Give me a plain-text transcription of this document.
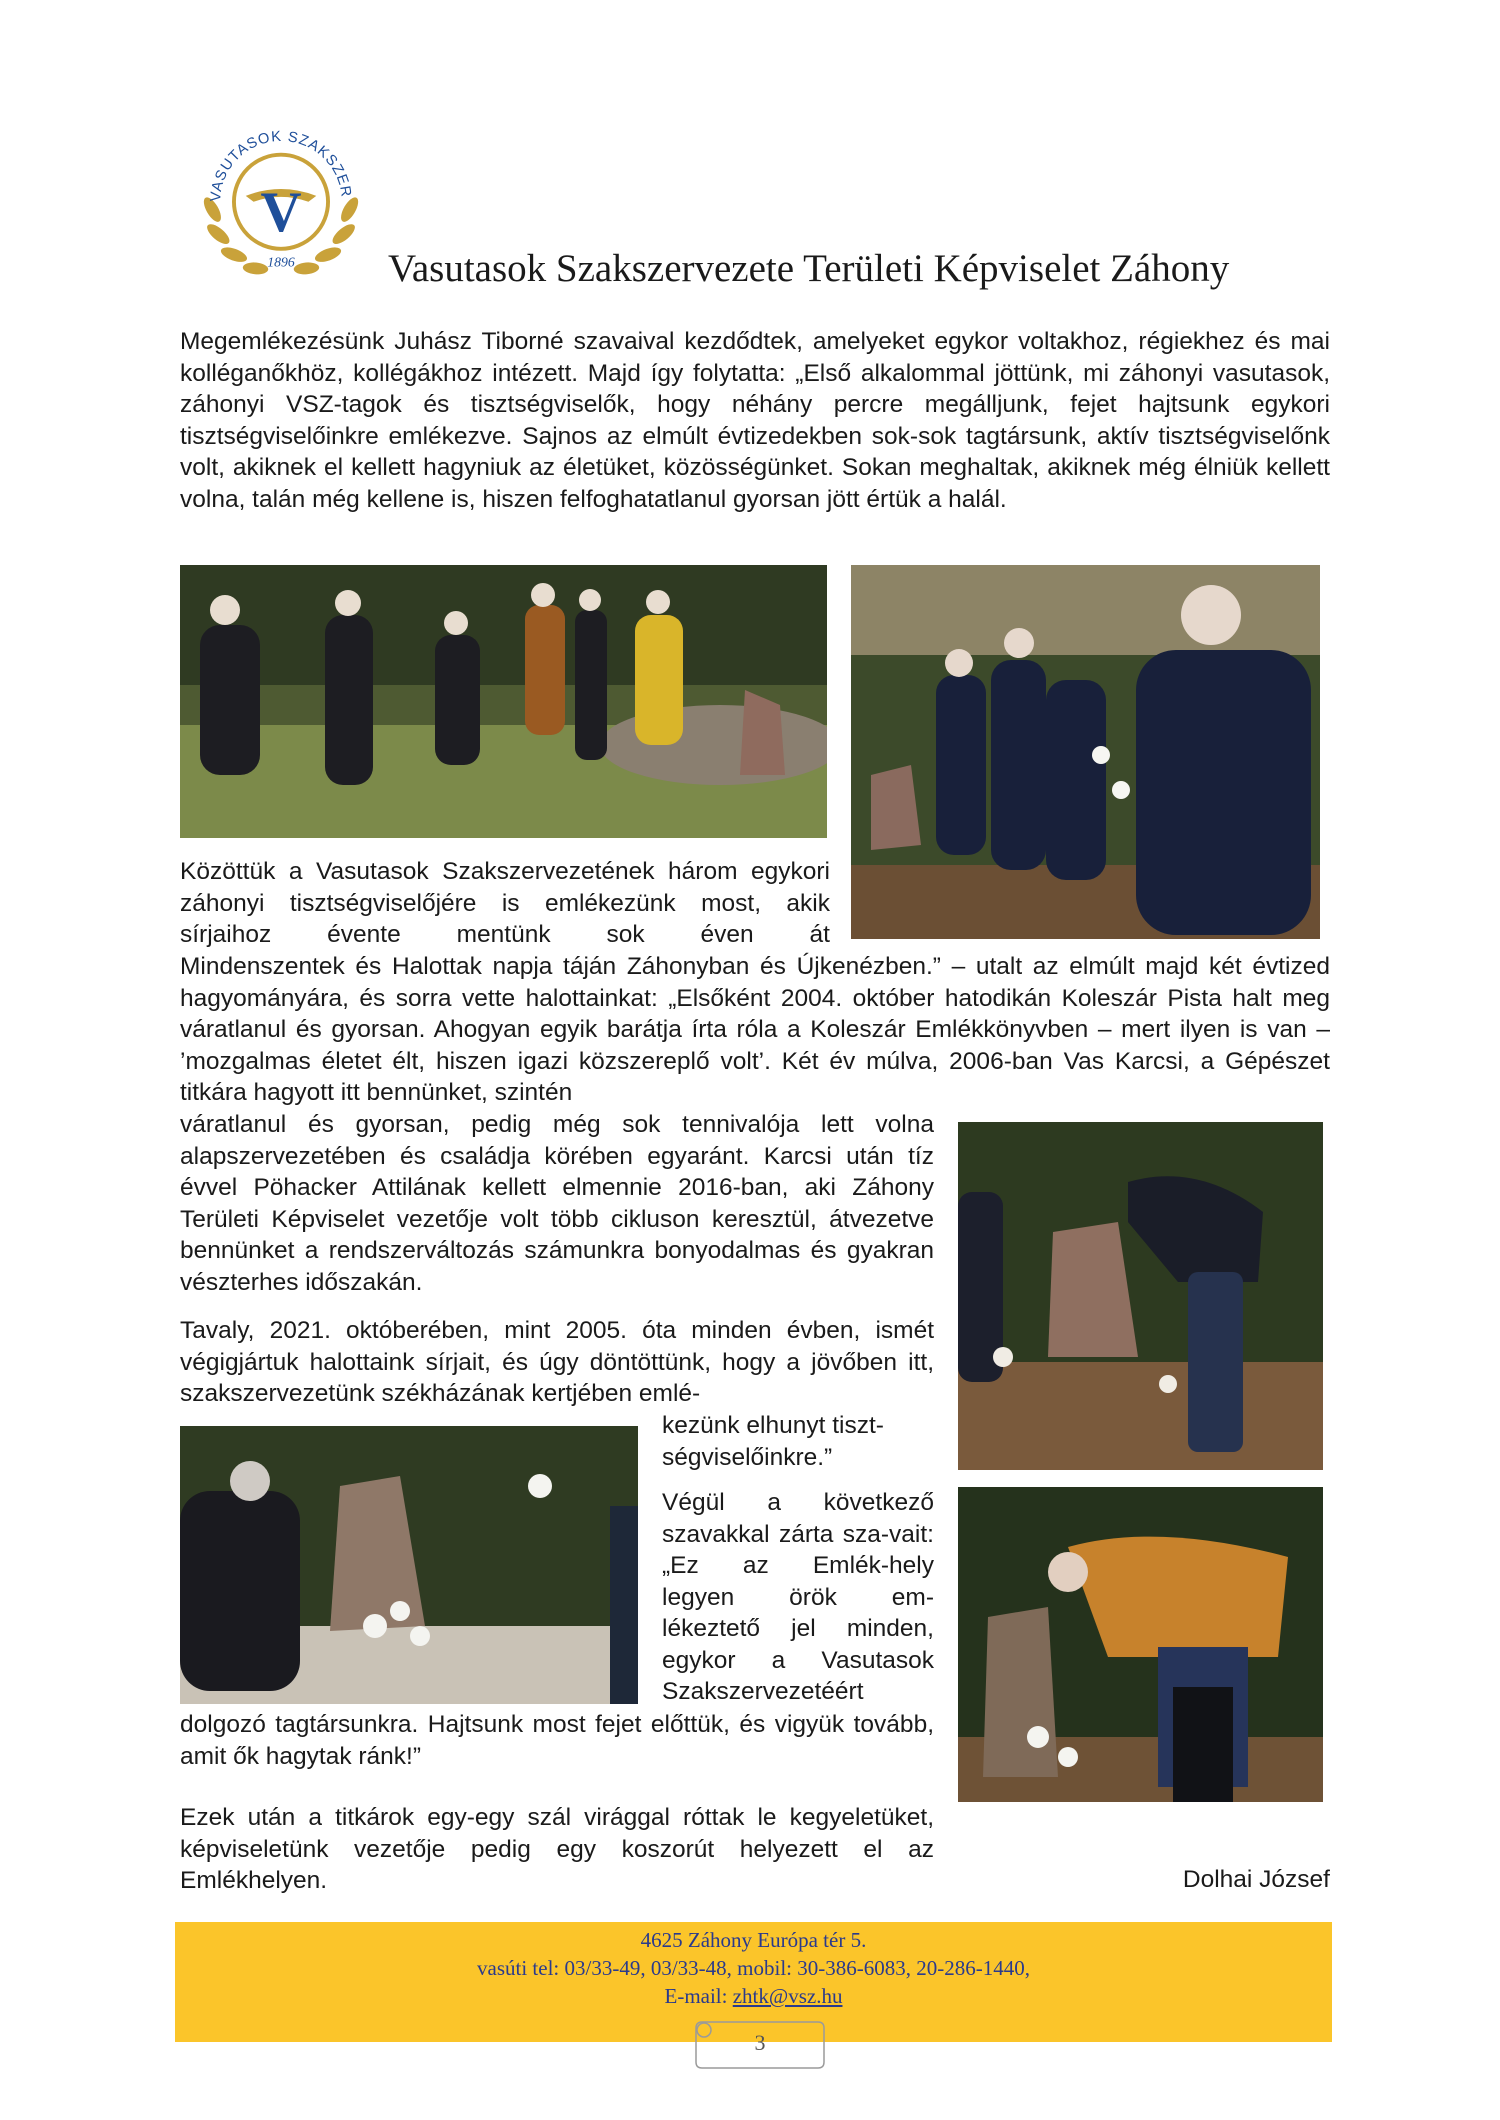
VASUTASOK SZAKSZER
V
1896 Vasutasok Szakszervezete Területi Képviselet Záhony

Megemlékezésünk Juhász Tiborné szavaival kezdődtek, amelyeket egykor voltakhoz, régiekhez és mai kolléganőkhöz, kollégákhoz intézett. Majd így folytatta: „Első alkalommal jöttünk, mi záhonyi vasutasok, záhonyi VSZ-tagok és tisztségviselők, hogy néhány percre megálljunk, fejet hajtsunk egykori tisztségviselőinkre emlékezve. Sajnos az elmúlt évtizedekben sok-sok tagtársunk, aktív tisztségviselőnk volt, akiknek el kellett hagyniuk az életüket, közösségünket. Sokan meghaltak, akiknek még élniük kellett volna, talán még kellene is, hiszen felfoghatatlanul gyorsan jött értük a halál.

Közöttük a Vasutasok Szakszervezetének három egykori záhonyi tisztségviselőjére is emlékezünk most, akik sírjaihoz évente mentünk sok éven át

Mindenszentek és Halottak napja táján Záhonyban és Újkenézben.” – utalt az elmúlt majd két évtized hagyományára, és sorra vette halottainkat: „Elsőként 2004. október hatodikán Koleszár Pista halt meg váratlanul és gyorsan. Ahogyan egyik barátja írta róla a Koleszár Emlékkönyvben – mert ilyen is van – ’mozgalmas életet élt, hiszen igazi közszereplő volt’. Két év múlva, 2006-ban Vas Karcsi, a Gépészet titkára hagyott itt bennünket, szintén

váratlanul és gyorsan, pedig még sok tennivalója lett volna alapszervezetében és családja körében egyaránt. Karcsi után tíz évvel Pöhacker Attilának kellett elmennie 2016-ban, aki Záhony Területi Képviselet vezetője volt több cikluson keresztül, átvezetve bennünket a rendszerváltozás számunkra bonyodalmas és gyakran vészterhes időszakán.

Tavaly, 2021. októberében, mint 2005. óta minden évben, ismét végigjártuk halottaink sírjait, és úgy döntöttünk, hogy a jövőben itt, szakszervezetünk székházának kertjében emlé-

kezünk elhunyt tiszt-ségviselőinkre.”

Végül a következő szavakkal zárta sza-vait: „Ez az Emlék-hely legyen örök em-lékeztető jel minden, egykor a Vasutasok Szakszervezetéért

dolgozó tagtársunkra. Hajtsunk most fejet előttük, és vigyük tovább, amit ők hagytak ránk!”

Ezek után a titkárok egy-egy szál virággal róttak le kegyeletüket, képviseletünk vezetője pedig egy koszorút helyezett el az Emlékhelyen.	Dolhai József
4625 Záhony Európa tér 5.
vasúti tel: 03/33-49, 03/33-48, mobil: 30-386-6083, 20-286-1440,
E-mail: zhtk@vsz.hu
3
